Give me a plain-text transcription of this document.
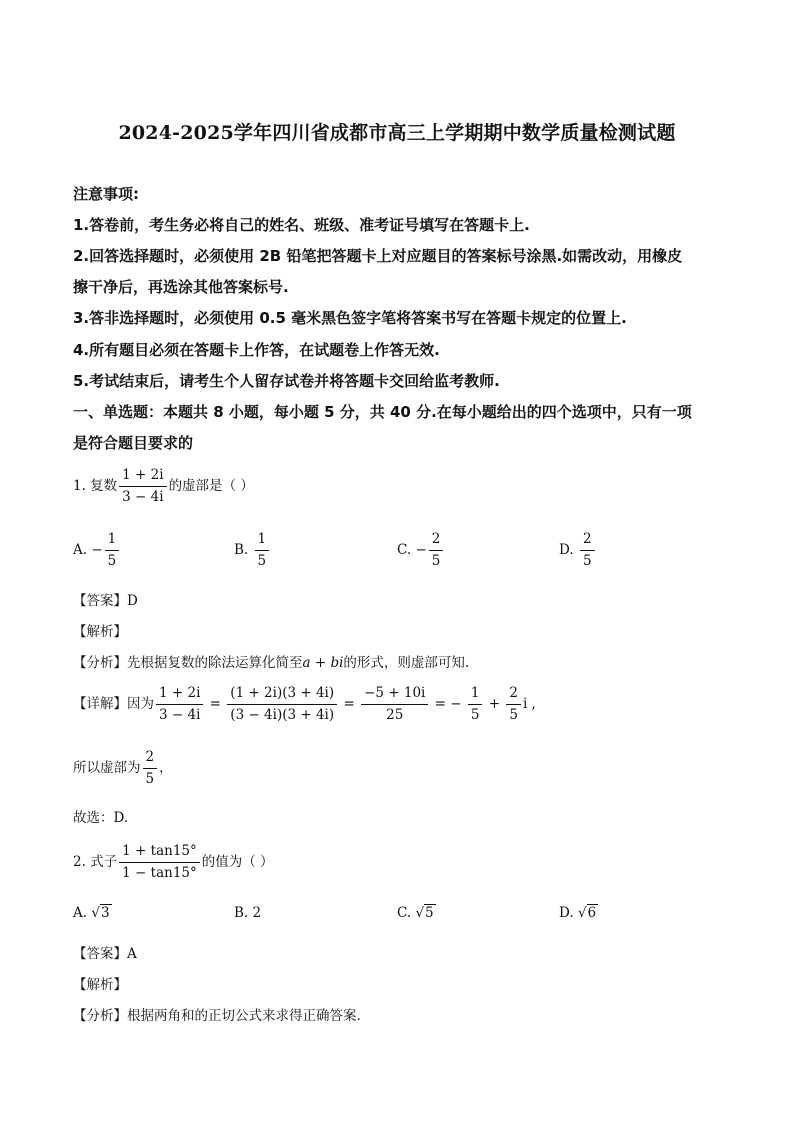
2024-2025学年四川省成都市高三上学期期中数学质量检测试题
注意事项:
1.答卷前，考生务必将自己的姓名、班级、准考证号填写在答题卡上.
2.回答选择题时，必须使用 2B 铅笔把答题卡上对应题目的答案标号涂黑.如需改动，用橡皮
擦干净后，再选涂其他答案标号.
3.答非选择题时，必须使用 0.5 毫米黑色签字笔将答案书写在答题卡规定的位置上.
4.所有题目必须在答题卡上作答，在试题卷上作答无效.
5.考试结束后，请考生个人留存试卷并将答题卡交回给监考教师.
一、单选题：本题共 8 小题，每小题 5 分，共 40 分.在每小题给出的四个选项中，只有一项
是符合题目要求的
1. 复数 $\frac{1 + 2i}{3 - 4i}$ 的虚部是（ ）
A. − $\frac{1}{5}$	B. $\frac{1}{5}$	C. − $\frac{2}{5}$	D. $\frac{2}{5}$
【答案】D
【解析】
【分析】先根据复数的除法运算化简至a + bi的形式，则虚部可知.
【详解】因为 $\frac{1 + 2i}{3 - 4i} = \frac{(1 + 2i)(3 + 4i)}{(3 - 4i)(3 + 4i)} = \frac{-5 + 10i}{25}$ = − $\frac{1}{5} + \frac{2}{5}$ i ,
所以虚部为 $\frac{2}{5}$ ，
故选：D.
2. 式子 $\frac{1 + \tan 15^\circ}{1 - \tan 15^\circ}$ 的值为（ ）
A. √3	B. 2	C. √5	D. √6
【答案】A
【解析】
【分析】根据两角和的正切公式来求得正确答案.
